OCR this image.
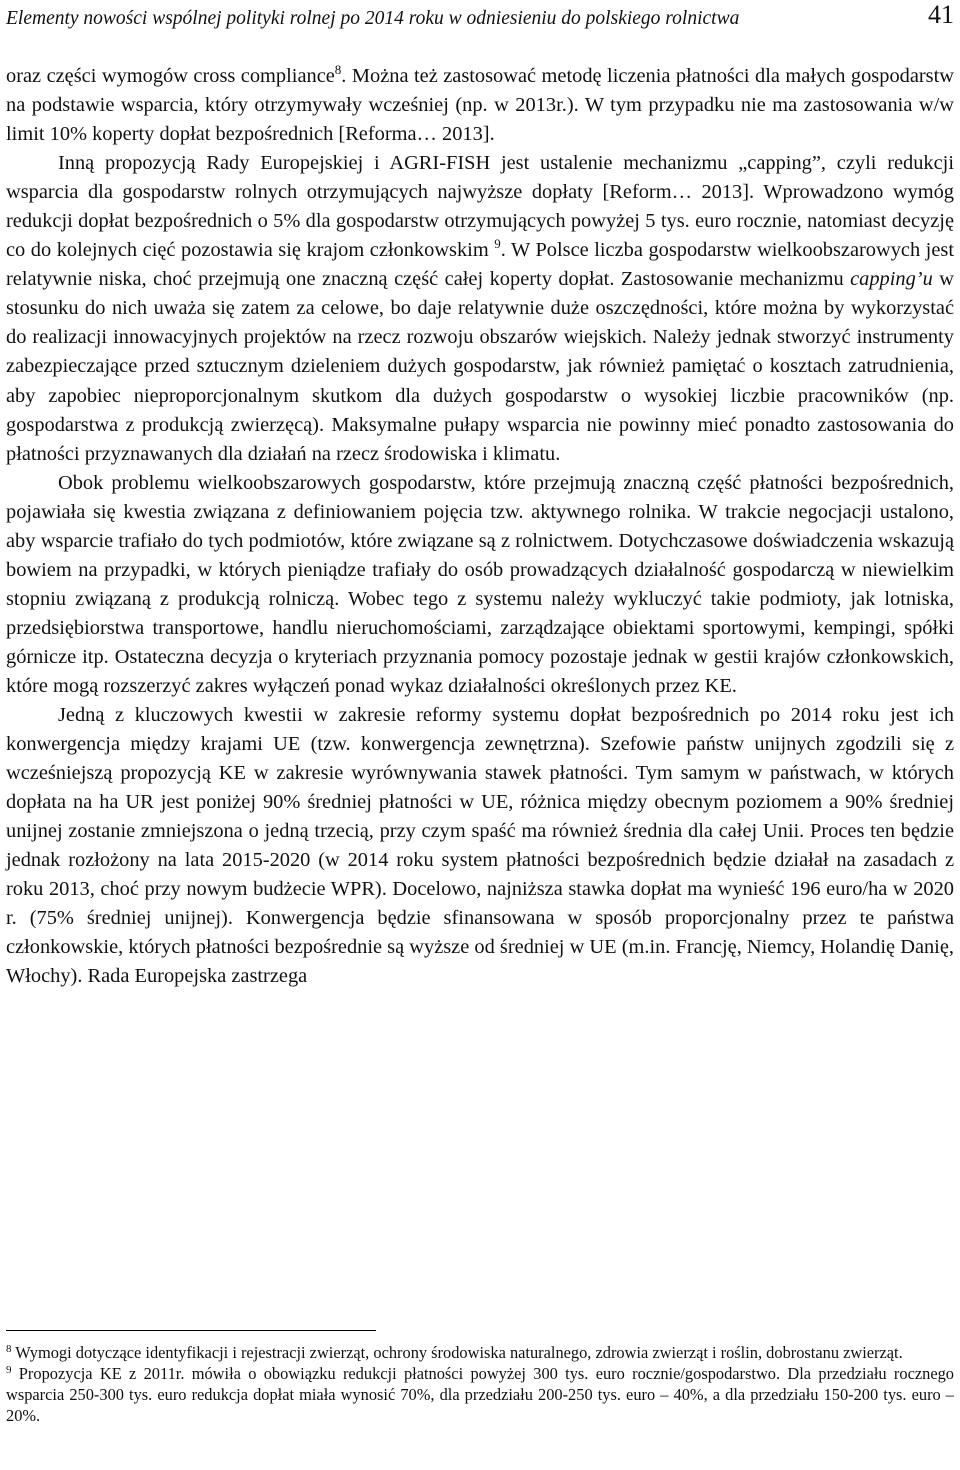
Elementy nowości wspólnej polityki rolnej po 2014 roku w odniesieniu do polskiego rolnictwa	41

oraz części wymogów cross compliance$^8$. Można też zastosować metodę liczenia płatności dla małych gospodarstw na podstawie wsparcia, który otrzymywały wcześniej (np. w 2013r.). W tym przypadku nie ma zastosowania w/w limit 10% koperty dopłat bezpośrednich [Reforma… 2013].

Inną propozycją Rady Europejskiej i AGRI-FISH jest ustalenie mechanizmu „capping”, czyli redukcji wsparcia dla gospodarstw rolnych otrzymujących najwyższe dopłaty [Reform… 2013]. Wprowadzono wymóg redukcji dopłat bezpośrednich o 5% dla gospodarstw otrzymujących powyżej 5 tys. euro rocznie, natomiast decyzję co do kolejnych cięć pozostawia się krajom członkowskim $^9$. W Polsce liczba gospodarstw wielkoobszarowych jest relatywnie niska, choć przejmują one znaczną część całej koperty dopłat. Zastosowanie mechanizmu capping’u w stosunku do nich uważa się zatem za celowe, bo daje relatywnie duże oszczędności, które można by wykorzystać do realizacji innowacyjnych projektów na rzecz rozwoju obszarów wiejskich. Należy jednak stworzyć instrumenty zabezpieczające przed sztucznym dzieleniem dużych gospodarstw, jak również pamiętać o kosztach zatrudnienia, aby zapobiec nieproporcjonalnym skutkom dla dużych gospodarstw o wysokiej liczbie pracowników (np. gospodarstwa z produkcją zwierzęcą). Maksymalne pułapy wsparcia nie powinny mieć ponadto zastosowania do płatności przyznawanych dla działań na rzecz środowiska i klimatu.

Obok problemu wielkoobszarowych gospodarstw, które przejmują znaczną część płatności bezpośrednich, pojawiała się kwestia związana z definiowaniem pojęcia tzw. aktywnego rolnika. W trakcie negocjacji ustalono, aby wsparcie trafiało do tych podmiotów, które związane są z rolnictwem. Dotychczasowe doświadczenia wskazują bowiem na przypadki, w których pieniądze trafiały do osób prowadzących działalność gospodarczą w niewielkim stopniu związaną z produkcją rolniczą. Wobec tego z systemu należy wykluczyć takie podmioty, jak lotniska, przedsiębiorstwa transportowe, handlu nieruchomościami, zarządzające obiektami sportowymi, kempingi, spółki górnicze itp. Ostateczna decyzja o kryteriach przyznania pomocy pozostaje jednak w gestii krajów członkowskich, które mogą rozszerzyć zakres wyłączeń ponad wykaz działalności określonych przez KE.

Jedną z kluczowych kwestii w zakresie reformy systemu dopłat bezpośrednich po 2014 roku jest ich konwergencja między krajami UE (tzw. konwergencja zewnętrzna). Szefowie państw unijnych zgodzili się z wcześniejszą propozycją KE w zakresie wyrównywania stawek płatności. Tym samym w państwach, w których dopłata na ha UR jest poniżej 90% średniej płatności w UE, różnica między obecnym poziomem a 90% średniej unijnej zostanie zmniejszona o jedną trzecią, przy czym spaść ma również średnia dla całej Unii. Proces ten będzie jednak rozłożony na lata 2015-2020 (w 2014 roku system płatności bezpośrednich będzie działał na zasadach z roku 2013, choć przy nowym budżecie WPR). Docelowo, najniższa stawka dopłat ma wynieść 196 euro/ha w 2020 r. (75% średniej unijnej). Konwergencja będzie sfinansowana w sposób proporcjonalny przez te państwa członkowskie, których płatności bezpośrednie są wyższe od średniej w UE (m.in. Francję, Niemcy, Holandię Danię, Włochy). Rada Europejska zastrzega

$^8$ Wymogi dotyczące identyfikacji i rejestracji zwierząt, ochrony środowiska naturalnego, zdrowia zwierząt i roślin, dobrostanu zwierząt.

$^9$ Propozycja KE z 2011r. mówiła o obowiązku redukcji płatności powyżej 300 tys. euro rocznie/gospodarstwo. Dla przedziału rocznego wsparcia 250-300 tys. euro redukcja dopłat miała wynosić 70%, dla przedziału 200-250 tys. euro – 40%, a dla przedziału 150-200 tys. euro – 20%.
